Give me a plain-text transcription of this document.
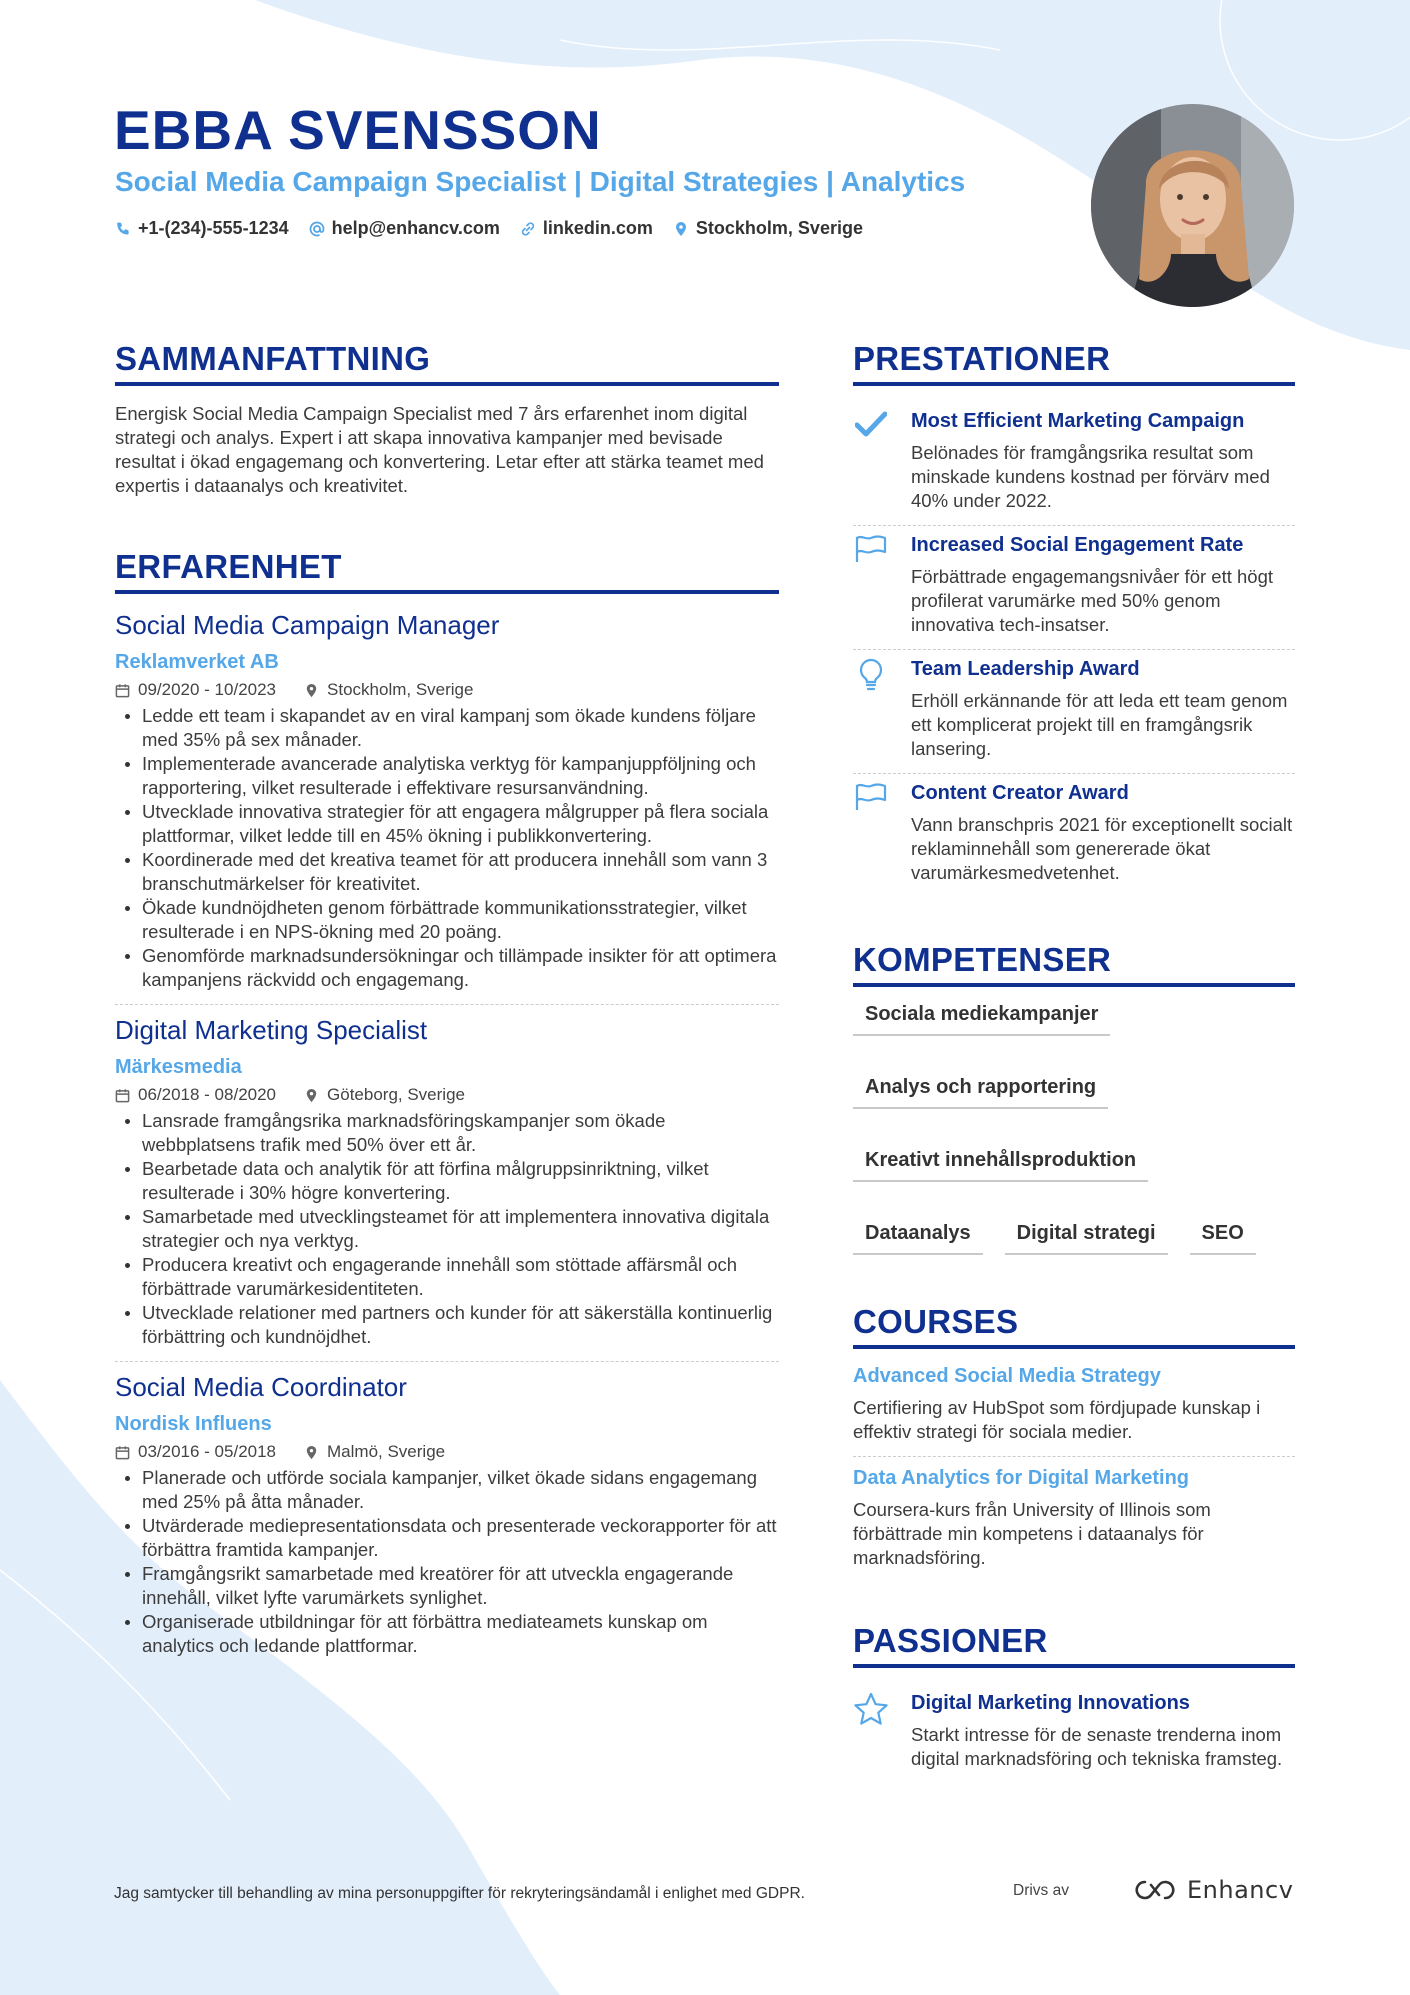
EBBA SVENSSON
Social Media Campaign Specialist | Digital Strategies | Analytics
+1-(234)-555-1234 help@enhancv.com linkedin.com Stockholm, Sverige
SAMMANFATTNING

Energisk Social Media Campaign Specialist med 7 års erfarenhet inom digital strategi och analys. Expert i att skapa innovativa kampanjer med bevisade resultat i ökad engagemang och konvertering. Letar efter att stärka teamet med expertis i dataanalys och kreativitet.

ERFARENHET
Social Media Campaign Manager
Reklamverket AB
09/2020 - 10/2023	Stockholm, Sverige
Ledde ett team i skapandet av en viral kampanj som ökade kundens följare med 35% på sex månader.
Implementerade avancerade analytiska verktyg för kampanjuppföljning och rapportering, vilket resulterade i effektivare resursanvändning.
Utvecklade innovativa strategier för att engagera målgrupper på flera sociala plattformar, vilket ledde till en 45% ökning i publikkonvertering.
Koordinerade med det kreativa teamet för att producera innehåll som vann 3 branschutmärkelser för kreativitet.
Ökade kundnöjdheten genom förbättrade kommunikationsstrategier, vilket resulterade i en NPS-ökning med 20 poäng.
Genomförde marknadsundersökningar och tillämpade insikter för att optimera kampanjens räckvidd och engagemang.
Digital Marketing Specialist
Märkesmedia
06/2018 - 08/2020	Göteborg, Sverige
Lansrade framgångsrika marknadsföringskampanjer som ökade webbplatsens trafik med 50% över ett år.
Bearbetade data och analytik för att förfina målgruppsinriktning, vilket resulterade i 30% högre konvertering.
Samarbetade med utvecklingsteamet för att implementera innovativa digitala strategier och nya verktyg.
Producera kreativt och engagerande innehåll som stöttade affärsmål och förbättrade varumärkesidentiteten.
Utvecklade relationer med partners och kunder för att säkerställa kontinuerlig förbättring och kundnöjdhet.
Social Media Coordinator
Nordisk Influens
03/2016 - 05/2018	Malmö, Sverige
Planerade och utförde sociala kampanjer, vilket ökade sidans engagemang med 25% på åtta månader.
Utvärderade mediepresentationsdata och presenterade veckorapporter för att förbättra framtida kampanjer.
Framgångsrikt samarbetade med kreatörer för att utveckla engagerande innehåll, vilket lyfte varumärkets synlighet.
Organiserade utbildningar för att förbättra mediateamets kunskap om analytics och ledande plattformar.
PRESTATIONER
Most Efficient Marketing Campaign
Belönades för framgångsrika resultat som minskade kundens kostnad per förvärv med 40% under 2022.
Increased Social Engagement Rate
Förbättrade engagemangsnivåer för ett högt profilerat varumärke med 50% genom innovativa tech-insatser.
Team Leadership Award
Erhöll erkännande för att leda ett team genom ett komplicerat projekt till en framgångsrik lansering.
Content Creator Award
Vann branschpris 2021 för exceptionellt socialt reklaminnehåll som genererade ökat varumärkesmedvetenhet.
KOMPETENSER
Sociala mediekampanjer
Analys och rapportering
Kreativt innehållsproduktion
Dataanalys	Digital strategi	SEO
COURSES
Advanced Social Media Strategy
Certifiering av HubSpot som fördjupade kunskap i effektiv strategi för sociala medier.
Data Analytics for Digital Marketing
Coursera-kurs från University of Illinois som förbättrade min kompetens i dataanalys för marknadsföring.
PASSIONER
Digital Marketing Innovations
Starkt intresse för de senaste trenderna inom digital marknadsföring och tekniska framsteg.
Jag samtycker till behandling av mina personuppgifter för rekryteringsändamål i enlighet med GDPR.	Drivs av	Enhancv
